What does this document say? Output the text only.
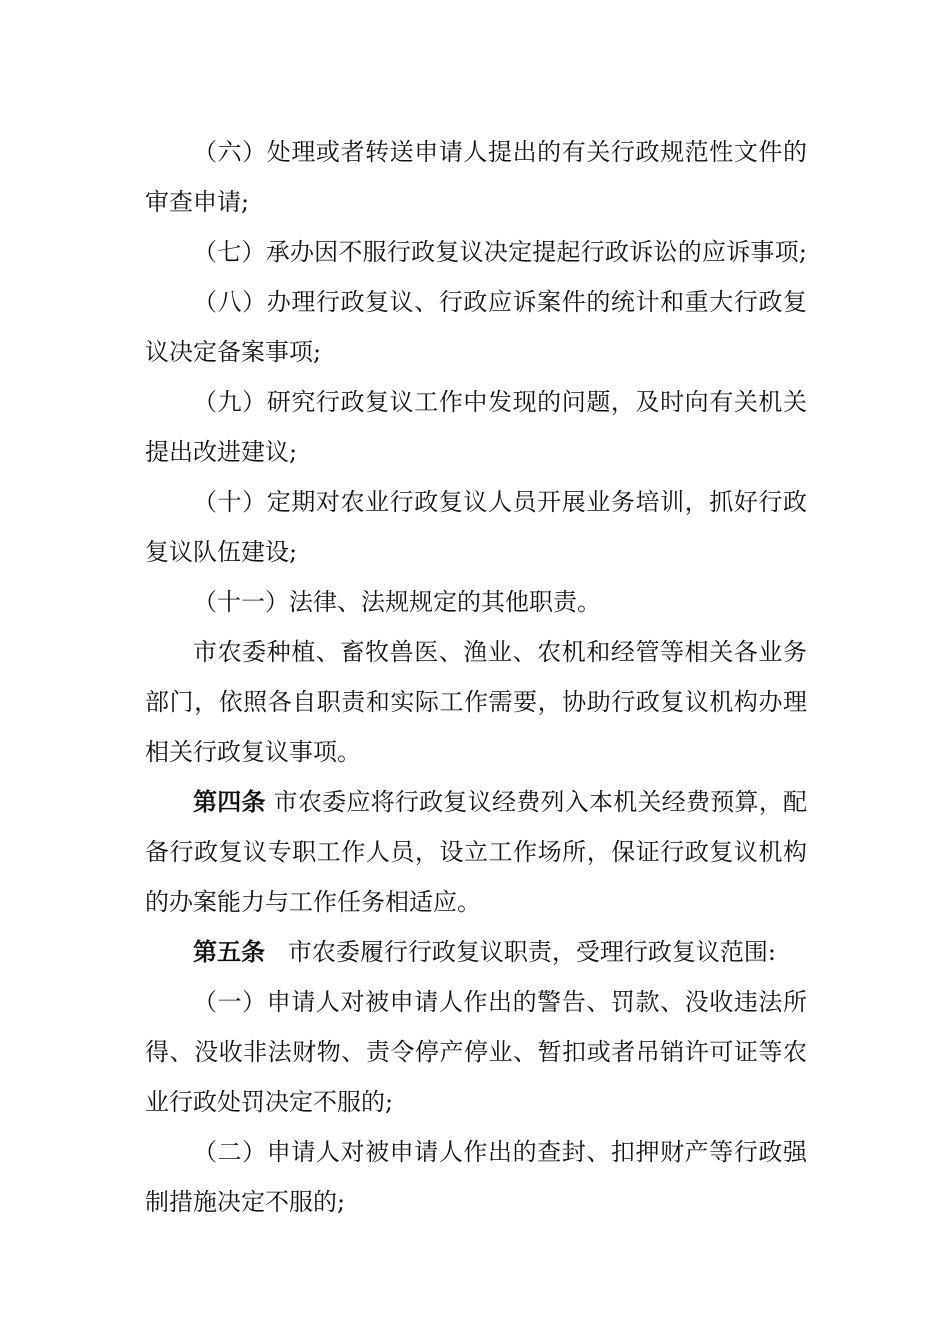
（六）处理或者转送申请人提出的有关行政规范性文件的
审查申请;
（七）承办因不服行政复议决定提起行政诉讼的应诉事项;
（八）办理行政复议、行政应诉案件的统计和重大行政复
议决定备案事项;
（九）研究行政复议工作中发现的问题，及时向有关机关
提出改进建议;
（十）定期对农业行政复议人员开展业务培训，抓好行政
复议队伍建设;
（十一）法律、法规规定的其他职责。
市农委种植、畜牧兽医、渔业、农机和经管等相关各业务
部门，依照各自职责和实际工作需要，协助行政复议机构办理
相关行政复议事项。
第四条 市农委应将行政复议经费列入本机关经费预算，配
备行政复议专职工作人员，设立工作场所，保证行政复议机构
的办案能力与工作任务相适应。
第五条 市农委履行行政复议职责，受理行政复议范围:
（一）申请人对被申请人作出的警告、罚款、没收违法所
得、没收非法财物、责令停产停业、暂扣或者吊销许可证等农
业行政处罚决定不服的;
（二）申请人对被申请人作出的查封、扣押财产等行政强
制措施决定不服的;
